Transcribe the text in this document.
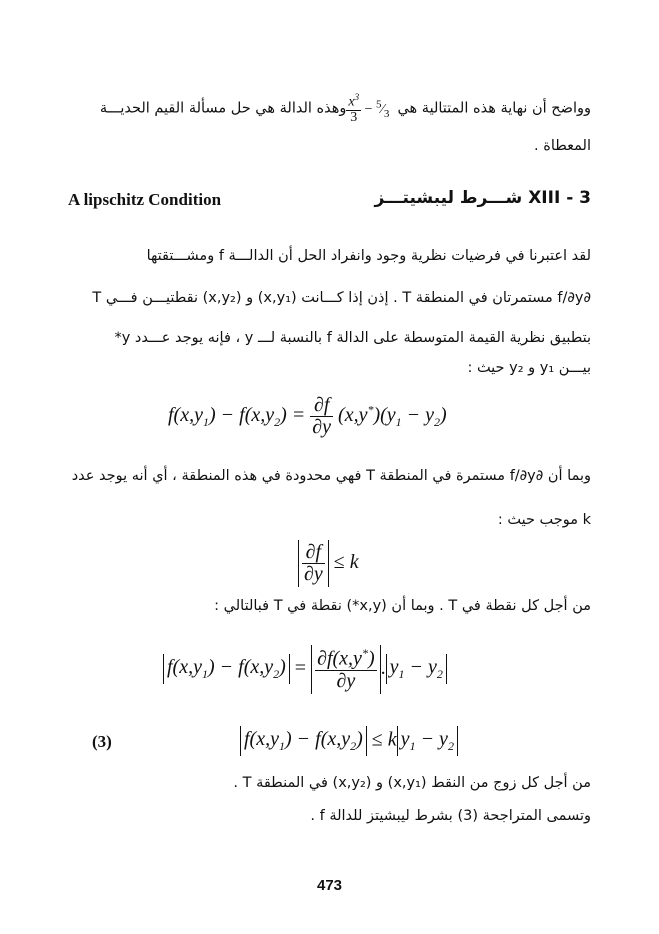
وواضح أن نهاية هذه المتتالية هي
$\frac{x^3}{3}$ − $^5⁄_3$ وهذه الدالة هي حل مسألة القيم الحديـــة
المعطاة .
A lipschitz Condition	XIII - 3 شـــرط ليبشيتـــز
لقد اعتبرنا في فرضيات نظرية وجود وانفراد الحل أن الدالـــة f ومشـــتقتها
∂f/∂y مستمرتان في المنطقة T . إذن إذا كـــانت (x,y₁) و (x,y₂) نقطتيـــن فـــي T
بتطبيق نظرية القيمة المتوسطة على الدالة f بالنسبة لـــ y ، فإنه يوجد عـــدد y*
بيـــن y₁ و y₂ حيث :
$f(x,y_1) - f(x,y_2) = \frac{\partial f}{\partial y} (x,y^*)(y_1 - y_2)$
وبما أن ∂f/∂y مستمرة في المنطقة T فهي محدودة في هذه المنطقة ، أي أنه يوجد عدد
k موجب حيث :
$\frac{\partial f}{\partial y} \le k$
من أجل كل نقطة في T . وبما أن (x,y*) نقطة في T فبالتالي :
$f(x,y_1) - f(x,y_2) = \frac{\partial f(x,y^*)}{\partial y}$ . $y_1 - y_2$
(3)	$f(x,y_1) - f(x,y_2) \le k$ $y_1 - y_2$
من أجل كل زوج من النقط (x,y₁) و (x,y₂) في المنطقة T .
وتسمى المتراجحة (3) بشرط ليبشيتز للدالة f .
473
